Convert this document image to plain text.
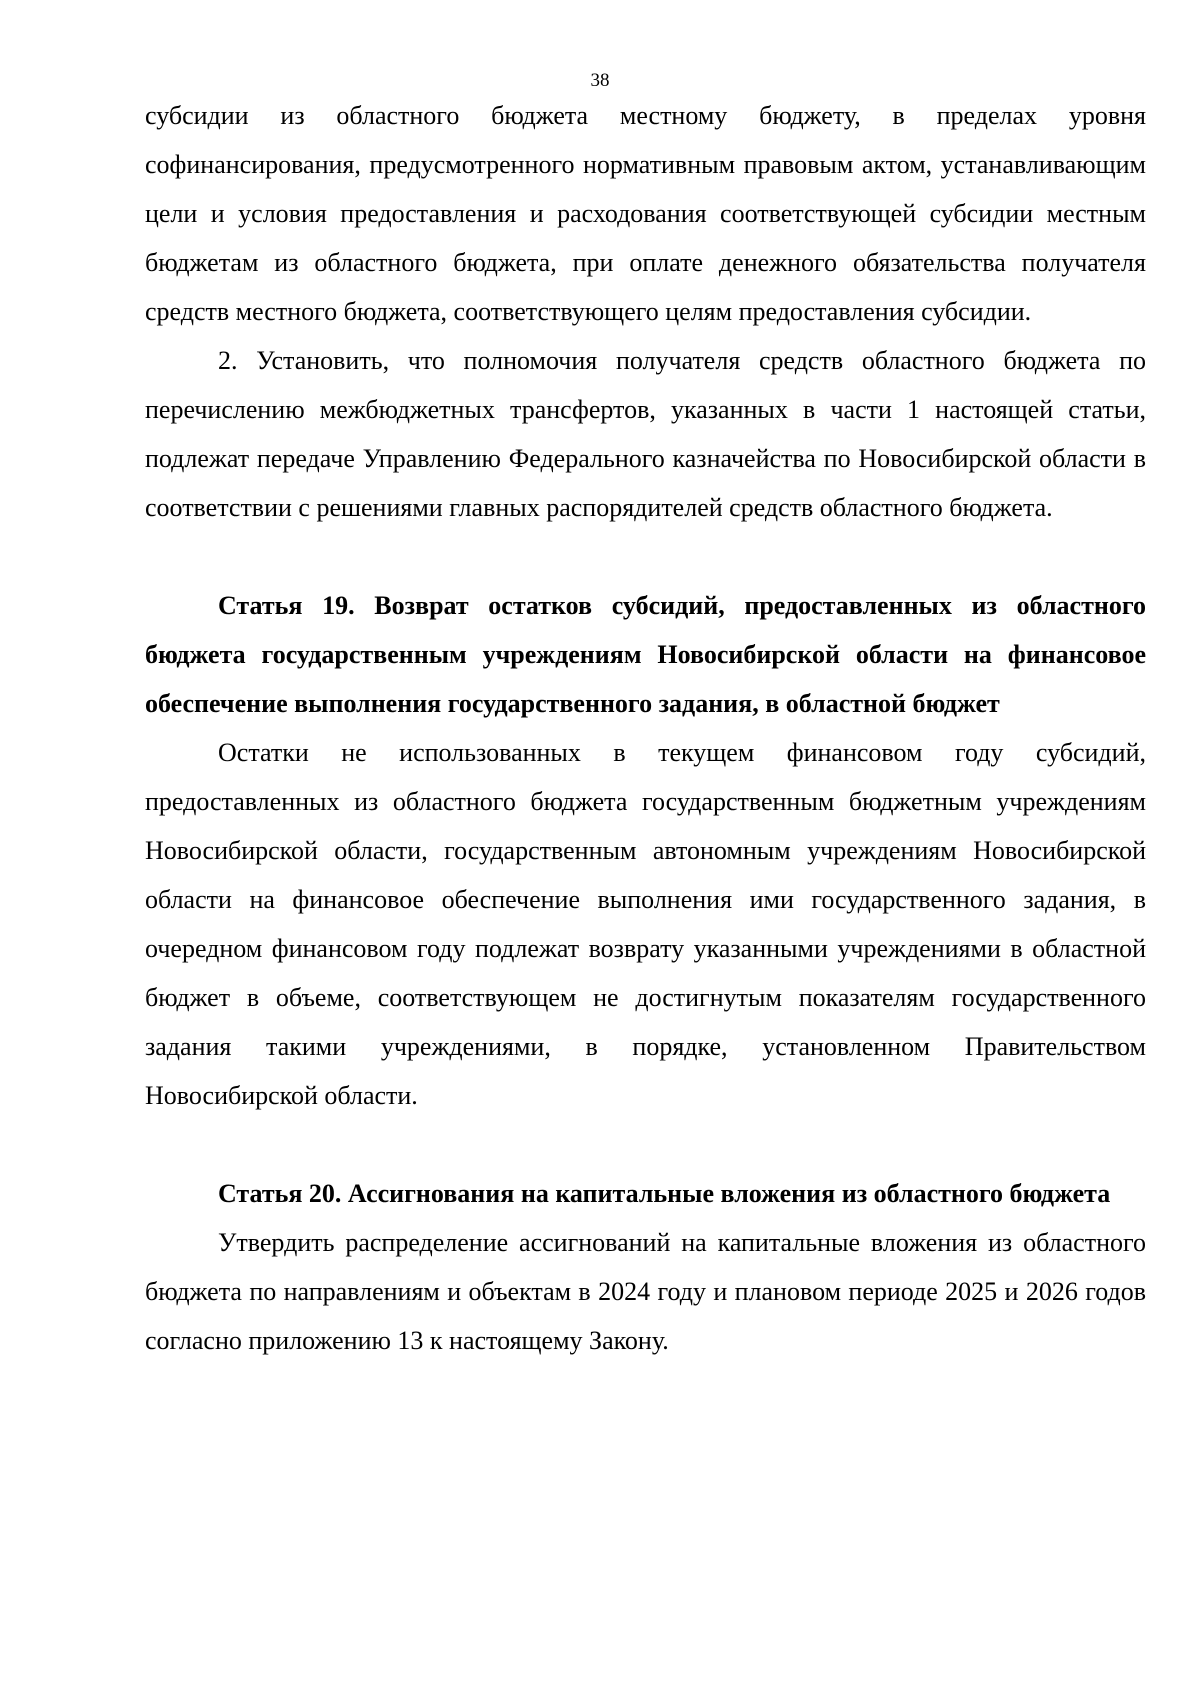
38

субсидии из областного бюджета местному бюджету, в пределах уровня софинансирования, предусмотренного нормативным правовым актом, устанавливающим цели и условия предоставления и расходования соответствующей субсидии местным бюджетам из областного бюджета, при оплате денежного обязательства получателя средств местного бюджета, соответствующего целям предоставления субсидии.

2. Установить, что полномочия получателя средств областного бюджета по перечислению межбюджетных трансфертов, указанных в части 1 настоящей статьи, подлежат передаче Управлению Федерального казначейства по Новосибирской области в соответствии с решениями главных распорядителей средств областного бюджета.

Статья 19. Возврат остатков субсидий, предоставленных из областного бюджета государственным учреждениям Новосибирской области на финансовое обеспечение выполнения государственного задания, в областной бюджет

Остатки не использованных в текущем финансовом году субсидий, предоставленных из областного бюджета государственным бюджетным учреждениям Новосибирской области, государственным автономным учреждениям Новосибирской области на финансовое обеспечение выполнения ими государственного задания, в очередном финансовом году подлежат возврату указанными учреждениями в областной бюджет в объеме, соответствующем не достигнутым показателям государственного задания такими учреждениями, в порядке, установленном Правительством Новосибирской области.

Статья 20. Ассигнования на капитальные вложения из областного бюджета

Утвердить распределение ассигнований на капитальные вложения из областного бюджета по направлениям и объектам в 2024 году и плановом периоде 2025 и 2026 годов согласно приложению 13 к настоящему Закону.
